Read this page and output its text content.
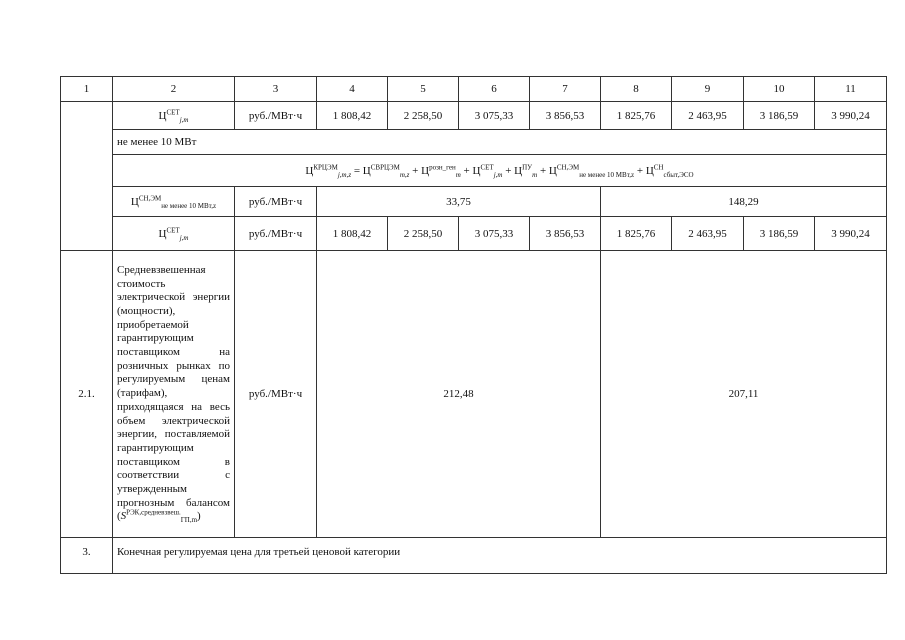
1	2	3	4	5	6	7	8	9	10	11
	$Ц^{СЕТ}_{j,m}$	руб./МВт·ч	1 808,42	2 258,50	3 075,33	3 856,53	1 825,76	2 463,95	3 186,59	3 990,24
	не менее 10 МВт									
	$Ц^{КРЦЭМ}_{j,m,z} = Ц^{СВРЦЭМ}_{m,z} + Ц^{розн\_ген}_m + Ц^{СЕТ}_{j,m} + Ц^{ПУ}_m + Ц^{СН,ЭМ}_{не менее 10 МВт,z} + Ц^{СН}_{сбыт,ЭСО}$
	$Ц^{СН,ЭМ}_{не менее 10 МВт,z}$	руб./МВт·ч	33,75				148,29			
	$Ц^{СЕТ}_{j,m}$	руб./МВт·ч	1 808,42	2 258,50	3 075,33	3 856,53	1 825,76	2 463,95	3 186,59	3 990,24
2.1.	Средневзвешенная стоимость электрической энергии (мощности), приобретаемой гарантирующим поставщиком на розничных рынках по регулируемым ценам (тарифам), приходящаяся на весь объем электрической энергии, поставляемой гарантирующим поставщиком в соответствии с утвержденным прогнозным балансом $(S^{РЭК,средневзвеш.}_{ГП,m})$	руб./МВт·ч	212,48				207,11			
3.	Конечная регулируемая цена для третьей ценовой категории									
